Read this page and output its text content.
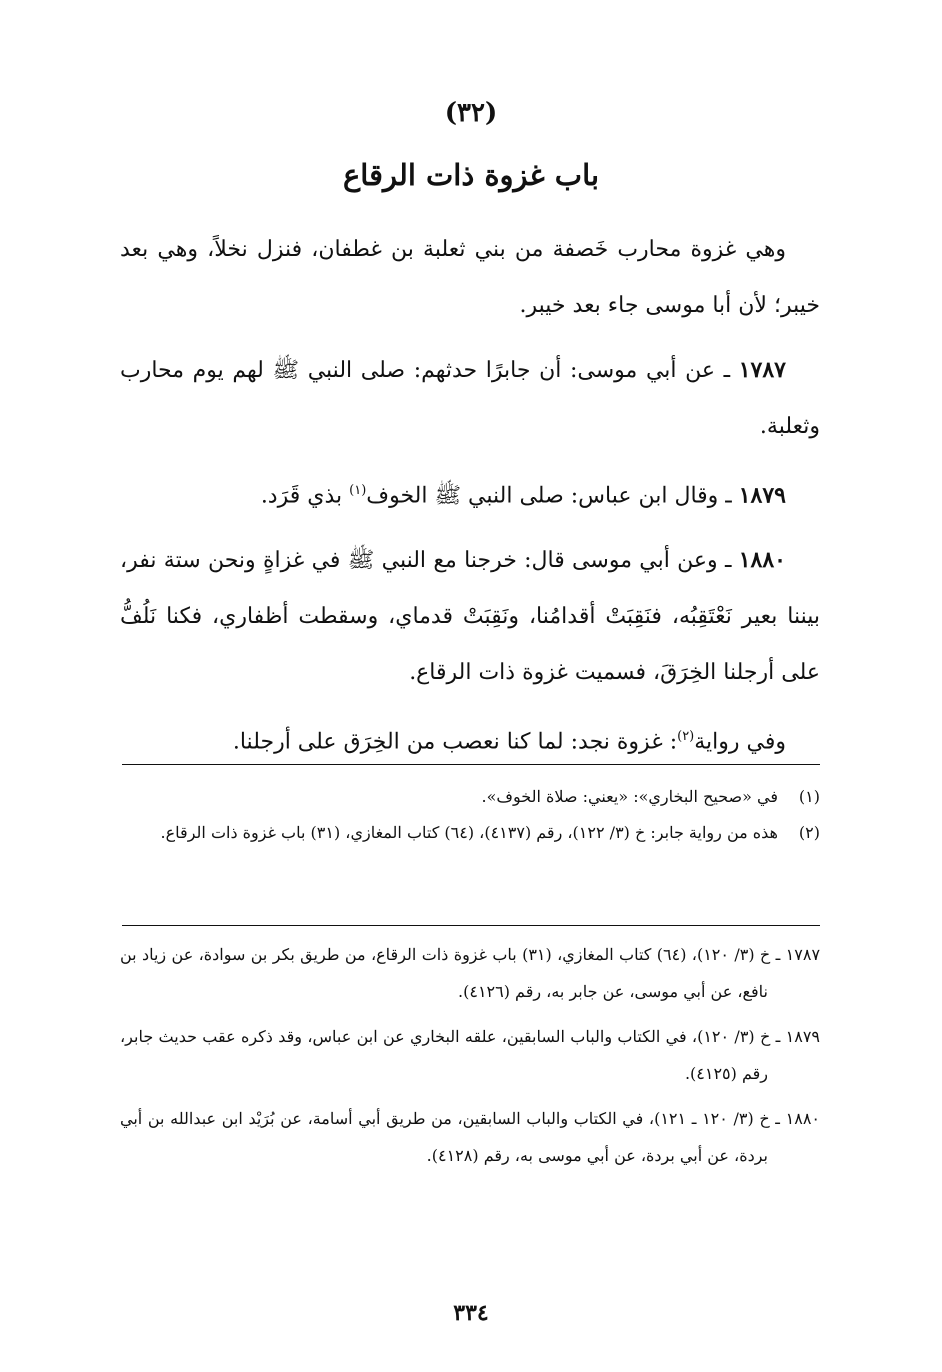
(٣٢)
باب غزوة ذات الرقاع

وهي غزوة محارب خَصفة من بني ثعلبة بن غطفان، فنزل نخلاً، وهي بعد خيبر؛ لأن أبا موسى جاء بعد خيبر.

١٧٨٧ ـ عن أبي موسى: أن جابرًا حدثهم: صلى النبي ﷺ لهم يوم محارب وثعلبة.

١٨٧٩ ـ وقال ابن عباس: صلى النبي ﷺ الخوف$^{(١)}$ بذي قَرَد.

١٨٨٠ ـ وعن أبي موسى قال: خرجنا مع النبي ﷺ في غزاةٍ ونحن ستة نفر، بيننا بعير نَعْتَقِبُه، فنَقِبَتْ أقدامُنا، ونَقِبَتْ قدماي، وسقطت أظفاري، فكنا نَلُفُّ على أرجلنا الخِرَقَ، فسميت غزوة ذات الرقاع.

وفي رواية$^{(٢)}$: غزوة نجد: لما كنا نعصب من الخِرَق على أرجلنا.

(١)
في «صحيح البخاري»: «يعني: صلاة الخوف».
(٢)
هذه من رواية جابر: خ (٣/ ١٢٢)، رقم (٤١٣٧)، (٦٤) كتاب المغازي، (٣١) باب غزوة ذات الرقاع.
١٧٨٧ ـ خ (٣/ ١٢٠)، (٦٤) كتاب المغازي، (٣١) باب غزوة ذات الرقاع، من طريق بكر بن سوادة، عن زياد بن نافع، عن أبي موسى، عن جابر به، رقم (٤١٢٦).
١٨٧٩ ـ خ (٣/ ١٢٠)، في الكتاب والباب السابقين، علقه البخاري عن ابن عباس، وقد ذكره عقب حديث جابر، رقم (٤١٢٥).
١٨٨٠ ـ خ (٣/ ١٢٠ ـ ١٢١)، في الكتاب والباب السابقين، من طريق أبي أسامة، عن بُرَيْد ابن عبدالله بن أبي بردة، عن أبي بردة، عن أبي موسى به، رقم (٤١٢٨).
٣٣٤
